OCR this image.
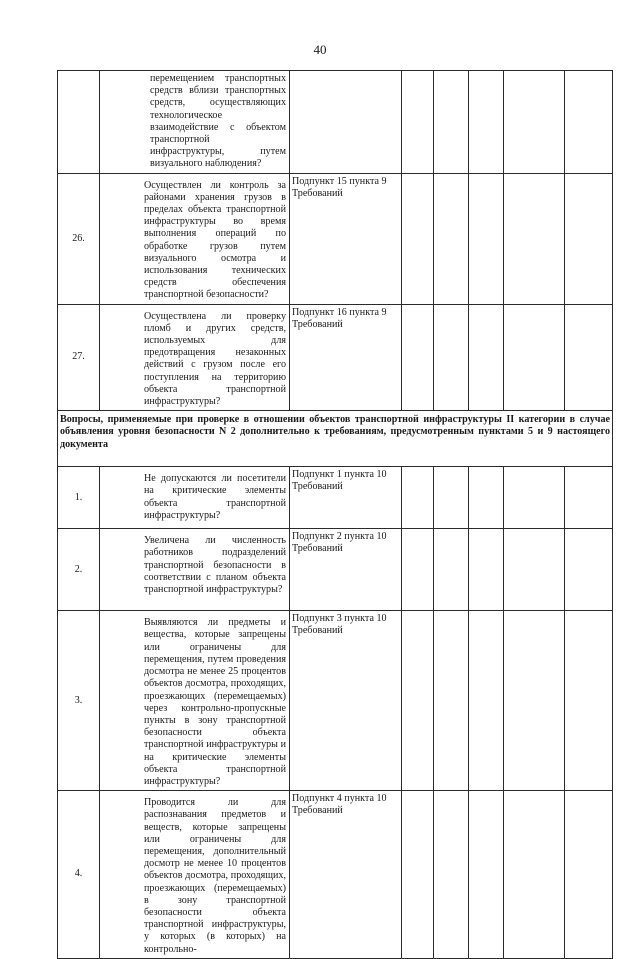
40

	перемещением транспортных средств вблизи транспортных средств, осуществляющих технологическое взаимодействие с объектом транспортной инфраструктуры, путем визуального наблюдения?						

26.	Осуществлен ли контроль за районами хранения грузов в пределах объекта транспортной инфраструктуры во время выполнения операций по обработке грузов путем визуального осмотра и использования технических средств обеспечения транспортной безопасности?	Подпункт 15 пункта 9 Требований					
27.	Осуществлена ли проверку пломб и других средств, используемых для предотвращения незаконных действий с грузом после его поступления на территорию объекта транспортной инфраструктуры?	Подпункт 16 пункта 9 Требований					
Вопросы, применяемые при проверке в отношении объектов транспортной инфраструктуры II категории в случае объявления уровня безопасности N 2 дополнительно к требованиям, предусмотренным пунктами 5 и 9 настоящего документа							
1.	Не допускаются ли посетители на критические элементы объекта транспортной инфраструктуры?	Подпункт 1 пункта 10 Требований					
2.	Увеличена ли численность работников подразделений транспортной безопасности в соответствии с планом объекта транспортной инфраструктуры?	Подпункт 2 пункта 10 Требований					
3.	Выявляются ли предметы и вещества, которые запрещены или ограничены для перемещения, путем проведения досмотра не менее 25 процентов объектов досмотра, проходящих, проезжающих (перемещаемых) через контрольно-пропускные пункты в зону транспортной безопасности объекта транспортной инфраструктуры и на критические элементы объекта транспортной инфраструктуры?	Подпункт 3 пункта 10 Требований					
4.	Проводится ли для распознавания предметов и веществ, которые запрещены или ограничены для перемещения, дополнительный досмотр не менее 10 процентов объектов досмотра, проходящих, проезжающих (перемещаемых) в зону транспортной безопасности объекта транспортной инфраструктуры, у которых (в которых) на контрольно-	Подпункт 4 пункта 10 Требований					
